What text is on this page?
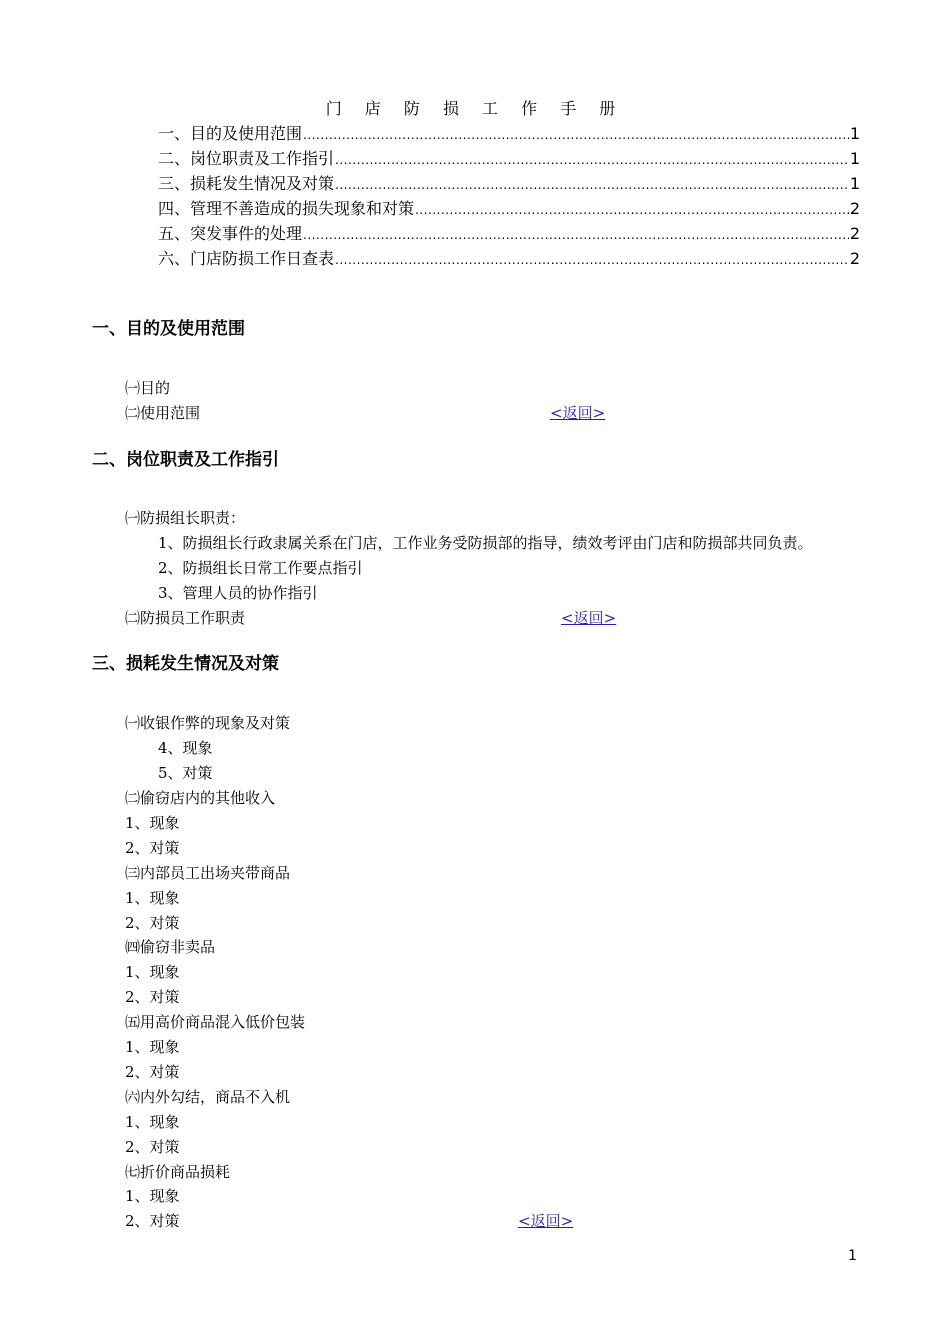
门 店 防 损 工 作 手 册
一、目的及使用范围 .....	1
二、岗位职责及工作指引 .....	1
三、损耗发生情况及对策 .....	1
四、管理不善造成的损失现象和对策 .....	2
五、突发事件的处理 .....	2
六、门店防损工作日查表 .....	2
一、目的及使用范围
㈠目的
㈡使用范围	<返回>
二、岗位职责及工作指引
㈠防损组长职责：
1、防损组长行政隶属关系在门店，工作业务受防损部的指导，绩效考评由门店和防损部共同负责。
2、防损组长日常工作要点指引
3、管理人员的协作指引
㈡防损员工作职责	<返回>
三、损耗发生情况及对策
㈠收银作弊的现象及对策
4、现象
5、对策
㈡偷窃店内的其他收入
1、现象
2、对策
㈢内部员工出场夹带商品
1、现象
2、对策
㈣偷窃非卖品
1、现象
2、对策
㈤用高价商品混入低价包装
1、现象
2、对策
㈥内外勾结，商品不入机
1、现象
2、对策
㈦折价商品损耗
1、现象
2、对策	<返回>
1
